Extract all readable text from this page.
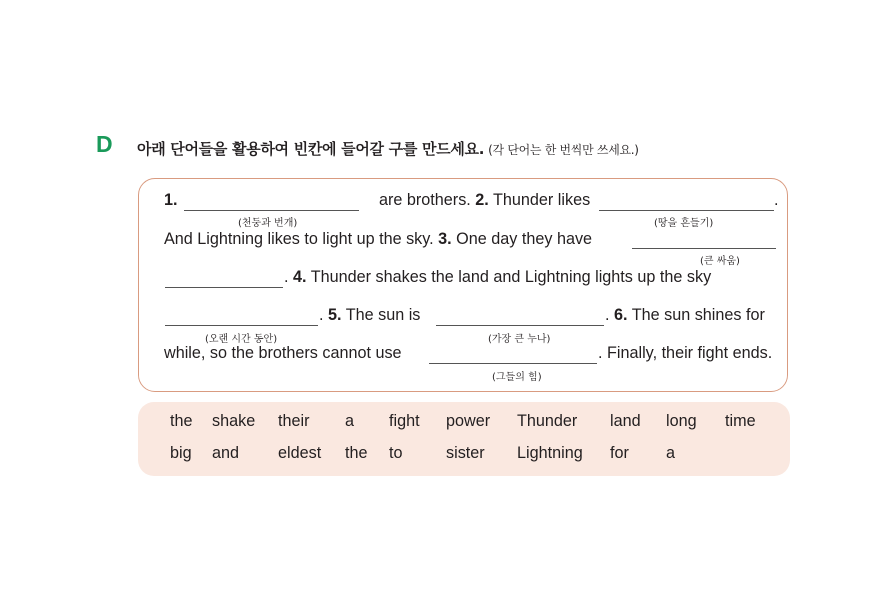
D 아래 단어들을 활용하여 빈칸에 들어갈 구를 만드세요. (각 단어는 한 번씩만 쓰세요.)
1.	are brothers. 2. Thunder likes
(천둥과 번개)
.
(땅을 흔들기)
And Lightning likes to light up the sky. 3. One day they have
(큰 싸움)
. 4. Thunder shakes the land and Lightning lights up the sky
. 5. The sun is	. 6. The sun shines for
(오랜 시간 동안)	(가장 큰 누나)
while, so the brothers cannot use	. Finally, their fight ends.
(그들의 힘)
the shake their a fight power Thunder land long time
big and eldest the to	sister Lightning for a
